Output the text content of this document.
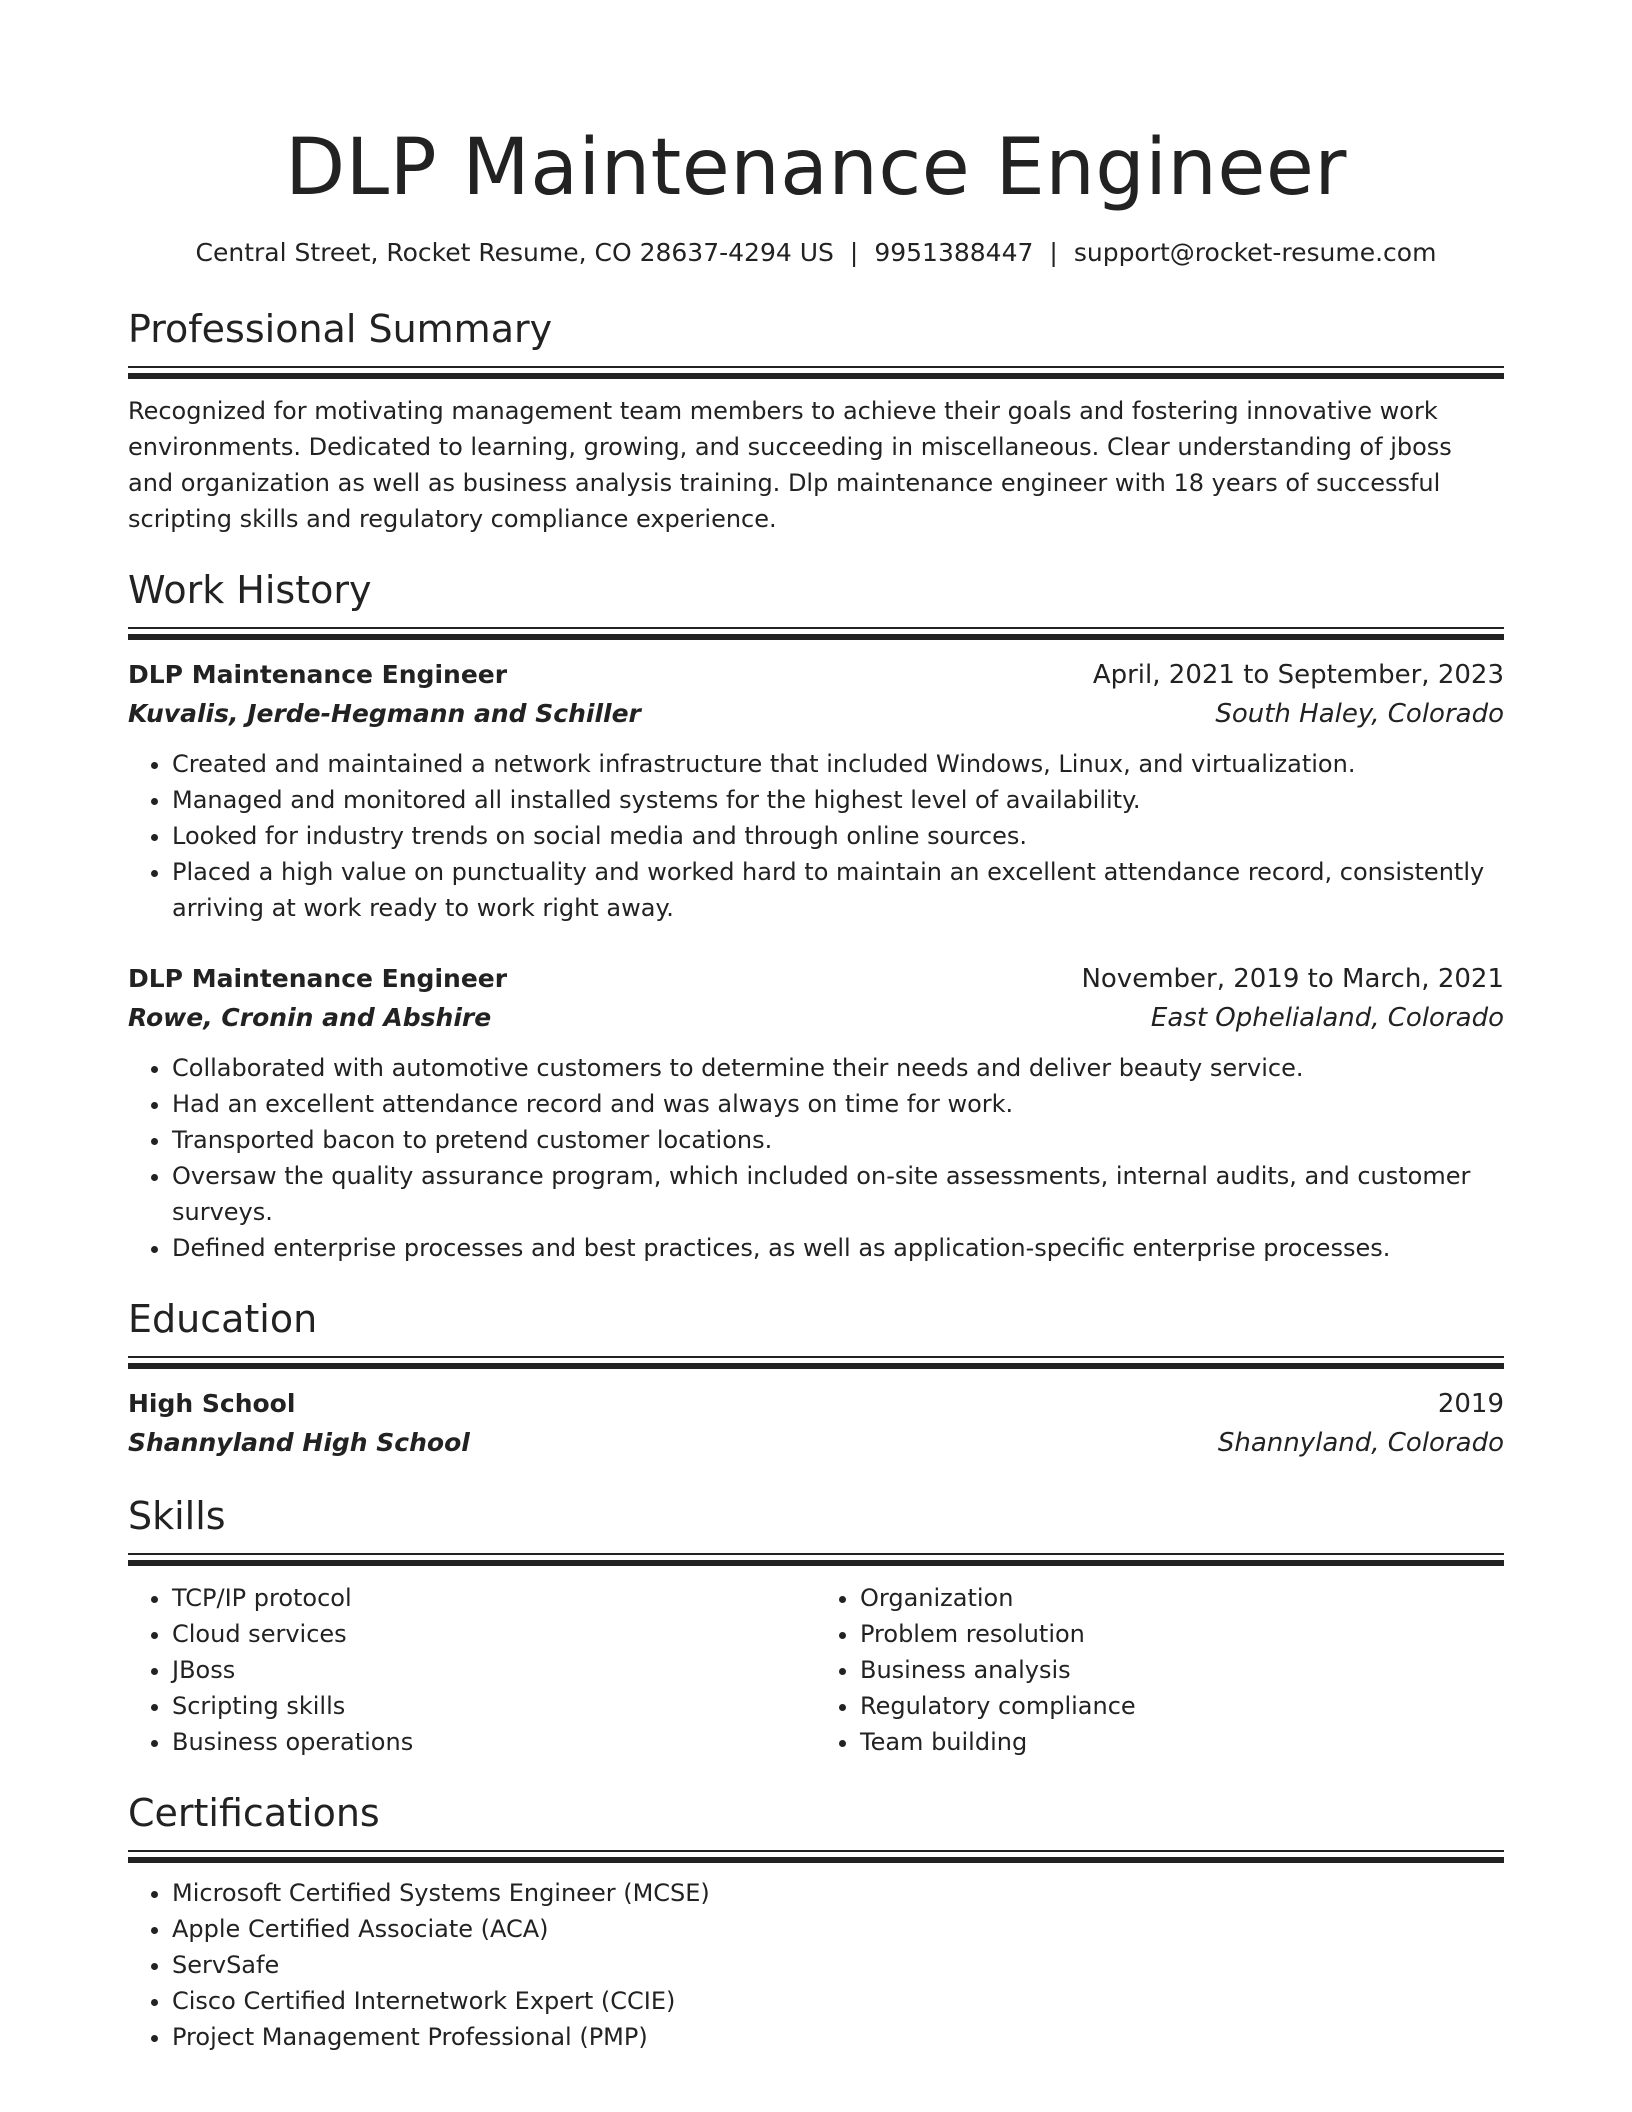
DLP Maintenance Engineer
Central Street, Rocket Resume, CO 28637-4294 US | 9951388447 | support@rocket-resume.com
Professional Summary
Recognized for motivating management team members to achieve their goals and fostering innovative work environments. Dedicated to learning, growing, and succeeding in miscellaneous. Clear understanding of jboss and organization as well as business analysis training. Dlp maintenance engineer with 18 years of successful scripting skills and regulatory compliance experience.
Work History
DLP Maintenance Engineer	April, 2021 to September, 2023
Kuvalis, Jerde-Hegmann and Schiller	South Haley, Colorado
• Created and maintained a network infrastructure that included Windows, Linux, and virtualization.
• Managed and monitored all installed systems for the highest level of availability.
• Looked for industry trends on social media and through online sources.
• Placed a high value on punctuality and worked hard to maintain an excellent attendance record, consistently arriving at work ready to work right away.
DLP Maintenance Engineer	November, 2019 to March, 2021
Rowe, Cronin and Abshire	East Ophelialand, Colorado
• Collaborated with automotive customers to determine their needs and deliver beauty service.
• Had an excellent attendance record and was always on time for work.
• Transported bacon to pretend customer locations.
• Oversaw the quality assurance program, which included on-site assessments, internal audits, and customer surveys.
• Defined enterprise processes and best practices, as well as application-specific enterprise processes.
Education
High School	2019
Shannyland High School	Shannyland, Colorado
Skills
• TCP/IP protocol
• Cloud services
• JBoss
• Scripting skills
• Business operations
• Organization
• Problem resolution
• Business analysis
• Regulatory compliance
• Team building
Certifications
• Microsoft Certified Systems Engineer (MCSE)
• Apple Certified Associate (ACA)
• ServSafe
• Cisco Certified Internetwork Expert (CCIE)
• Project Management Professional (PMP)
